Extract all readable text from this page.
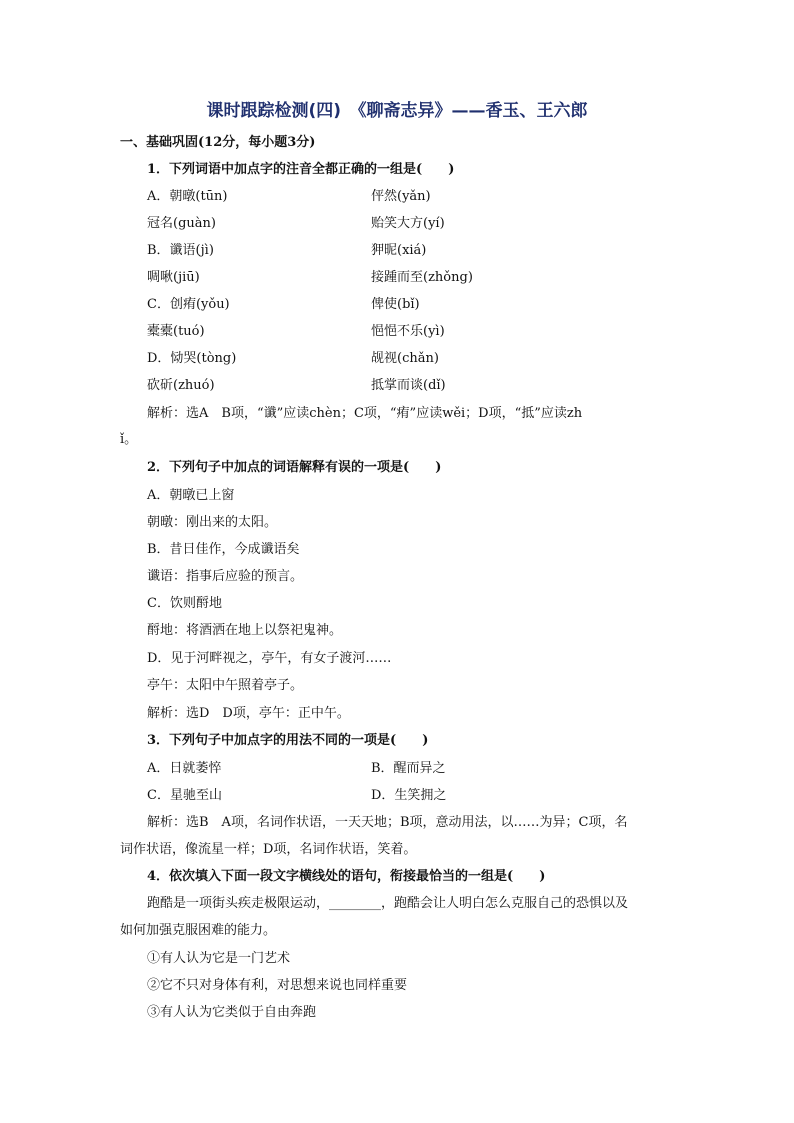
课时跟踪检测(四)　《聊斋志异》——香玉、王六郎
一、基础巩固(12分，每小题3分)
1．下列词语中加点字的注音全都正确的一组是(　　)
A．朝暾(tūn)	伻然(yǎn)
冠名(guàn)	贻笑大方(yí)
B．谶语(jì)	狎昵(xiá)
啁啾(jiū)	接踵而至(zhǒng)
C．创痏(yǒu)	俾使(bǐ)
橐橐(tuó)	悒悒不乐(yì)
D．恸哭(tòng)	觇视(chǎn)
砍斫(zhuó)	抵掌而谈(dǐ)
解析：选A　B项，“谶”应读chèn；C项，“痏”应读wěi；D项，“抵”应读zh
ǐ。
2．下列句子中加点的词语解释有误的一项是(　　)
A．朝暾已上窗
朝暾：刚出来的太阳。
B．昔日佳作，今成谶语矣
谶语：指事后应验的预言。
C．饮则酹地
酹地：将酒洒在地上以祭祀鬼神。
D．见于河畔视之，亭午，有女子渡河……
亭午：太阳中午照着亭子。
解析：选D　D项，亭午：正中午。
3．下列句子中加点字的用法不同的一项是(　　)
A．日就萎悴	B．醒而异之
C．星驰至山	D．生笑拥之
解析：选B　A项，名词作状语，一天天地；B项，意动用法，以……为异；C项，名
词作状语，像流星一样；D项，名词作状语，笑着。
4．依次填入下面一段文字横线处的语句，衔接最恰当的一组是(　　)
跑酷是一项街头疾走极限运动，________，跑酷会让人明白怎么克服自己的恐惧以及
如何加强克服困难的能力。
①有人认为它是一门艺术
②它不只对身体有利，对思想来说也同样重要
③有人认为它类似于自由奔跑
